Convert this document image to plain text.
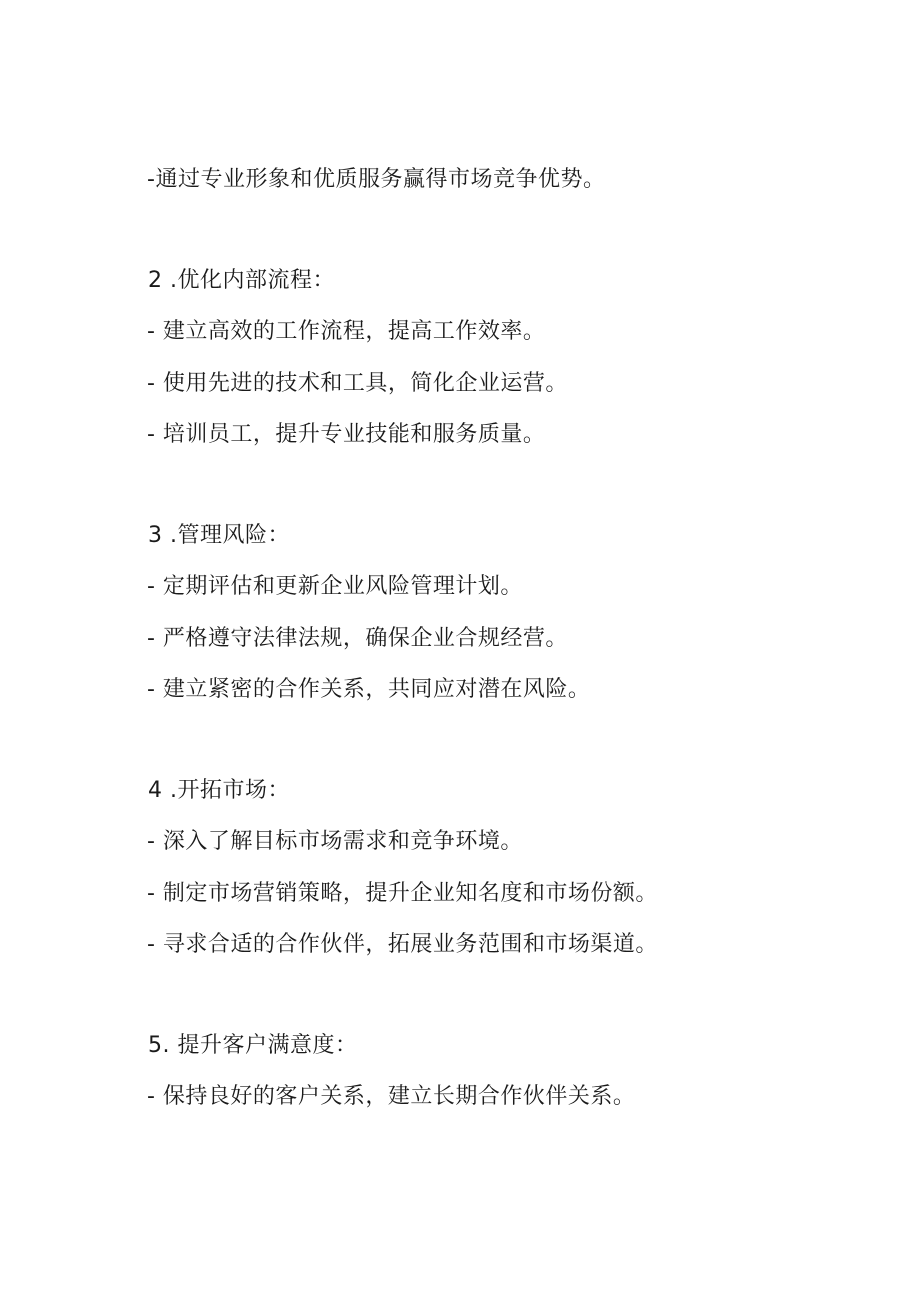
-通过专业形象和优质服务赢得市场竞争优势。
2 .优化内部流程：
- 建立高效的工作流程，提高工作效率。
- 使用先进的技术和工具，简化企业运营。
- 培训员工，提升专业技能和服务质量。
3 .管理风险：
- 定期评估和更新企业风险管理计划。
- 严格遵守法律法规，确保企业合规经营。
- 建立紧密的合作关系，共同应对潜在风险。
4 .开拓市场：
- 深入了解目标市场需求和竞争环境。
- 制定市场营销策略，提升企业知名度和市场份额。
- 寻求合适的合作伙伴，拓展业务范围和市场渠道。
5. 提升客户满意度：
- 保持良好的客户关系，建立长期合作伙伴关系。
